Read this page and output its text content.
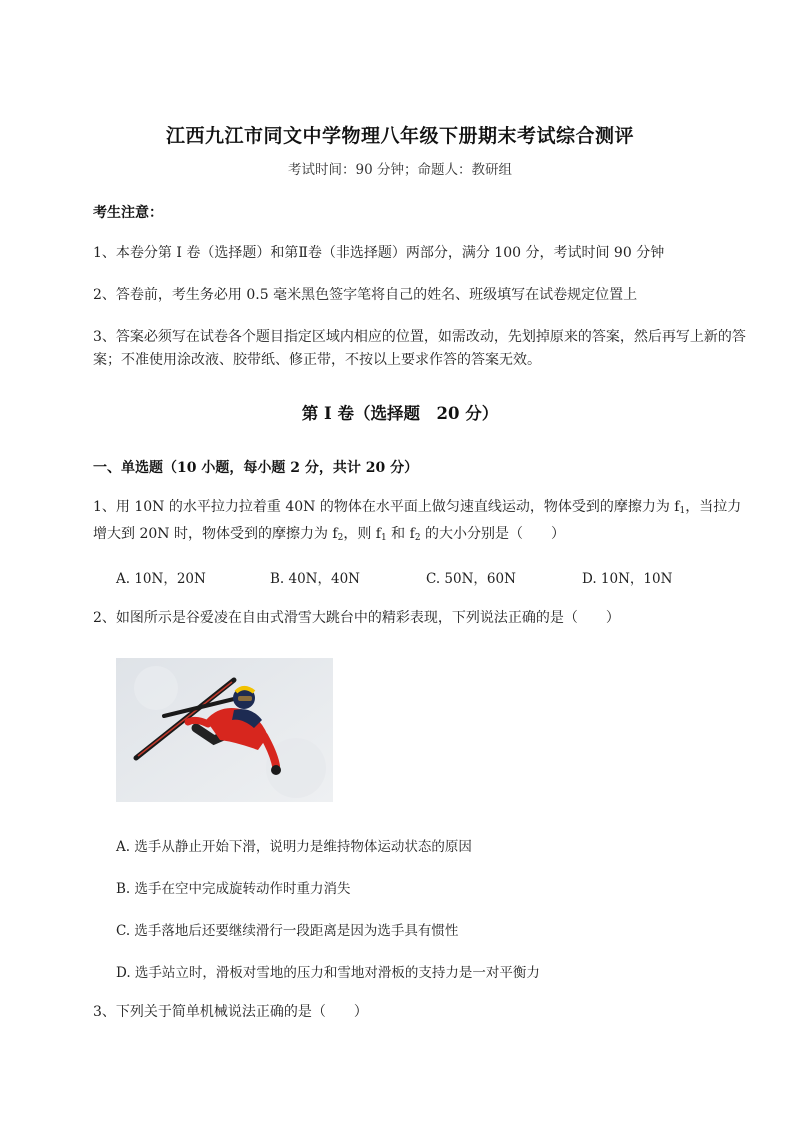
江西九江市同文中学物理八年级下册期末考试综合测评
考试时间：90 分钟；命题人：教研组
考生注意：
1、本卷分第 I 卷（选择题）和第Ⅱ卷（非选择题）两部分，满分 100 分，考试时间 90 分钟
2、答卷前，考生务必用 0.5 毫米黑色签字笔将自己的姓名、班级填写在试卷规定位置上
3、答案必须写在试卷各个题目指定区域内相应的位置，如需改动，先划掉原来的答案，然后再写上新的答案；不准使用涂改液、胶带纸、修正带，不按以上要求作答的答案无效。
第 I 卷（选择题　20 分）
一、单选题（10 小题，每小题 2 分，共计 20 分）
1、用 10N 的水平拉力拉着重 40N 的物体在水平面上做匀速直线运动，物体受到的摩擦力为 $f_1$，当拉力
增大到 20N 时，物体受到的摩擦力为 $f_2$，则 $f_1$ 和 $f_2$ 的大小分别是（　　）
A. 10N，20N	B. 40N，40N	C. 50N，60N	D. 10N，10N
2、如图所示是谷爱凌在自由式滑雪大跳台中的精彩表现，下列说法正确的是（　　）
A. 选手从静止开始下滑，说明力是维持物体运动状态的原因
B. 选手在空中完成旋转动作时重力消失
C. 选手落地后还要继续滑行一段距离是因为选手具有惯性
D. 选手站立时，滑板对雪地的压力和雪地对滑板的支持力是一对平衡力
3、下列关于简单机械说法正确的是（　　）
